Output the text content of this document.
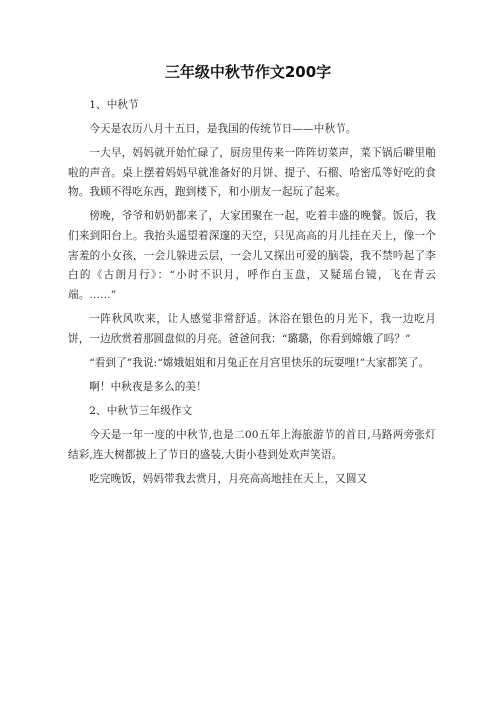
三年级中秋节作文200字

1、中秋节

今天是农历八月十五日，是我国的传统节日——中秋节。

一大早，妈妈就开始忙碌了，厨房里传来一阵阵切菜声，菜下锅后噼里啪啦的声音。桌上摆着妈妈早就准备好的月饼、提子、石榴、哈密瓜等好吃的食物。我顾不得吃东西，跑到楼下，和小朋友一起玩了起来。

傍晚，爷爷和奶奶都来了，大家团聚在一起，吃着丰盛的晚餐。饭后，我们来到阳台上。我抬头遥望着深邃的天空，只见高高的月儿挂在天上，像一个害羞的小女孩，一会儿躲进云层，一会儿又探出可爱的脑袋，我不禁吟起了李白的《古朗月行》：“小时不识月，呼作白玉盘，又疑瑶台镜，飞在青云端。……”

一阵秋风吹来，让人感觉非常舒适。沐浴在银色的月光下，我一边吃月饼，一边欣赏着那圆盘似的月亮。爸爸问我：“璐璐，你看到嫦娥了吗？”

“看到了”我说:“嫦娥姐姐和月兔正在月宫里快乐的玩耍哩!”大家都笑了。

啊！中秋夜是多么的美！

2、中秋节三年级作文

今天是一年一度的中秋节,也是二00五年上海旅游节的首日,马路两旁张灯结彩,连大树都披上了节日的盛装,大街小巷到处欢声笑语。

吃完晚饭，妈妈带我去赏月，月亮高高地挂在天上，又圆又
